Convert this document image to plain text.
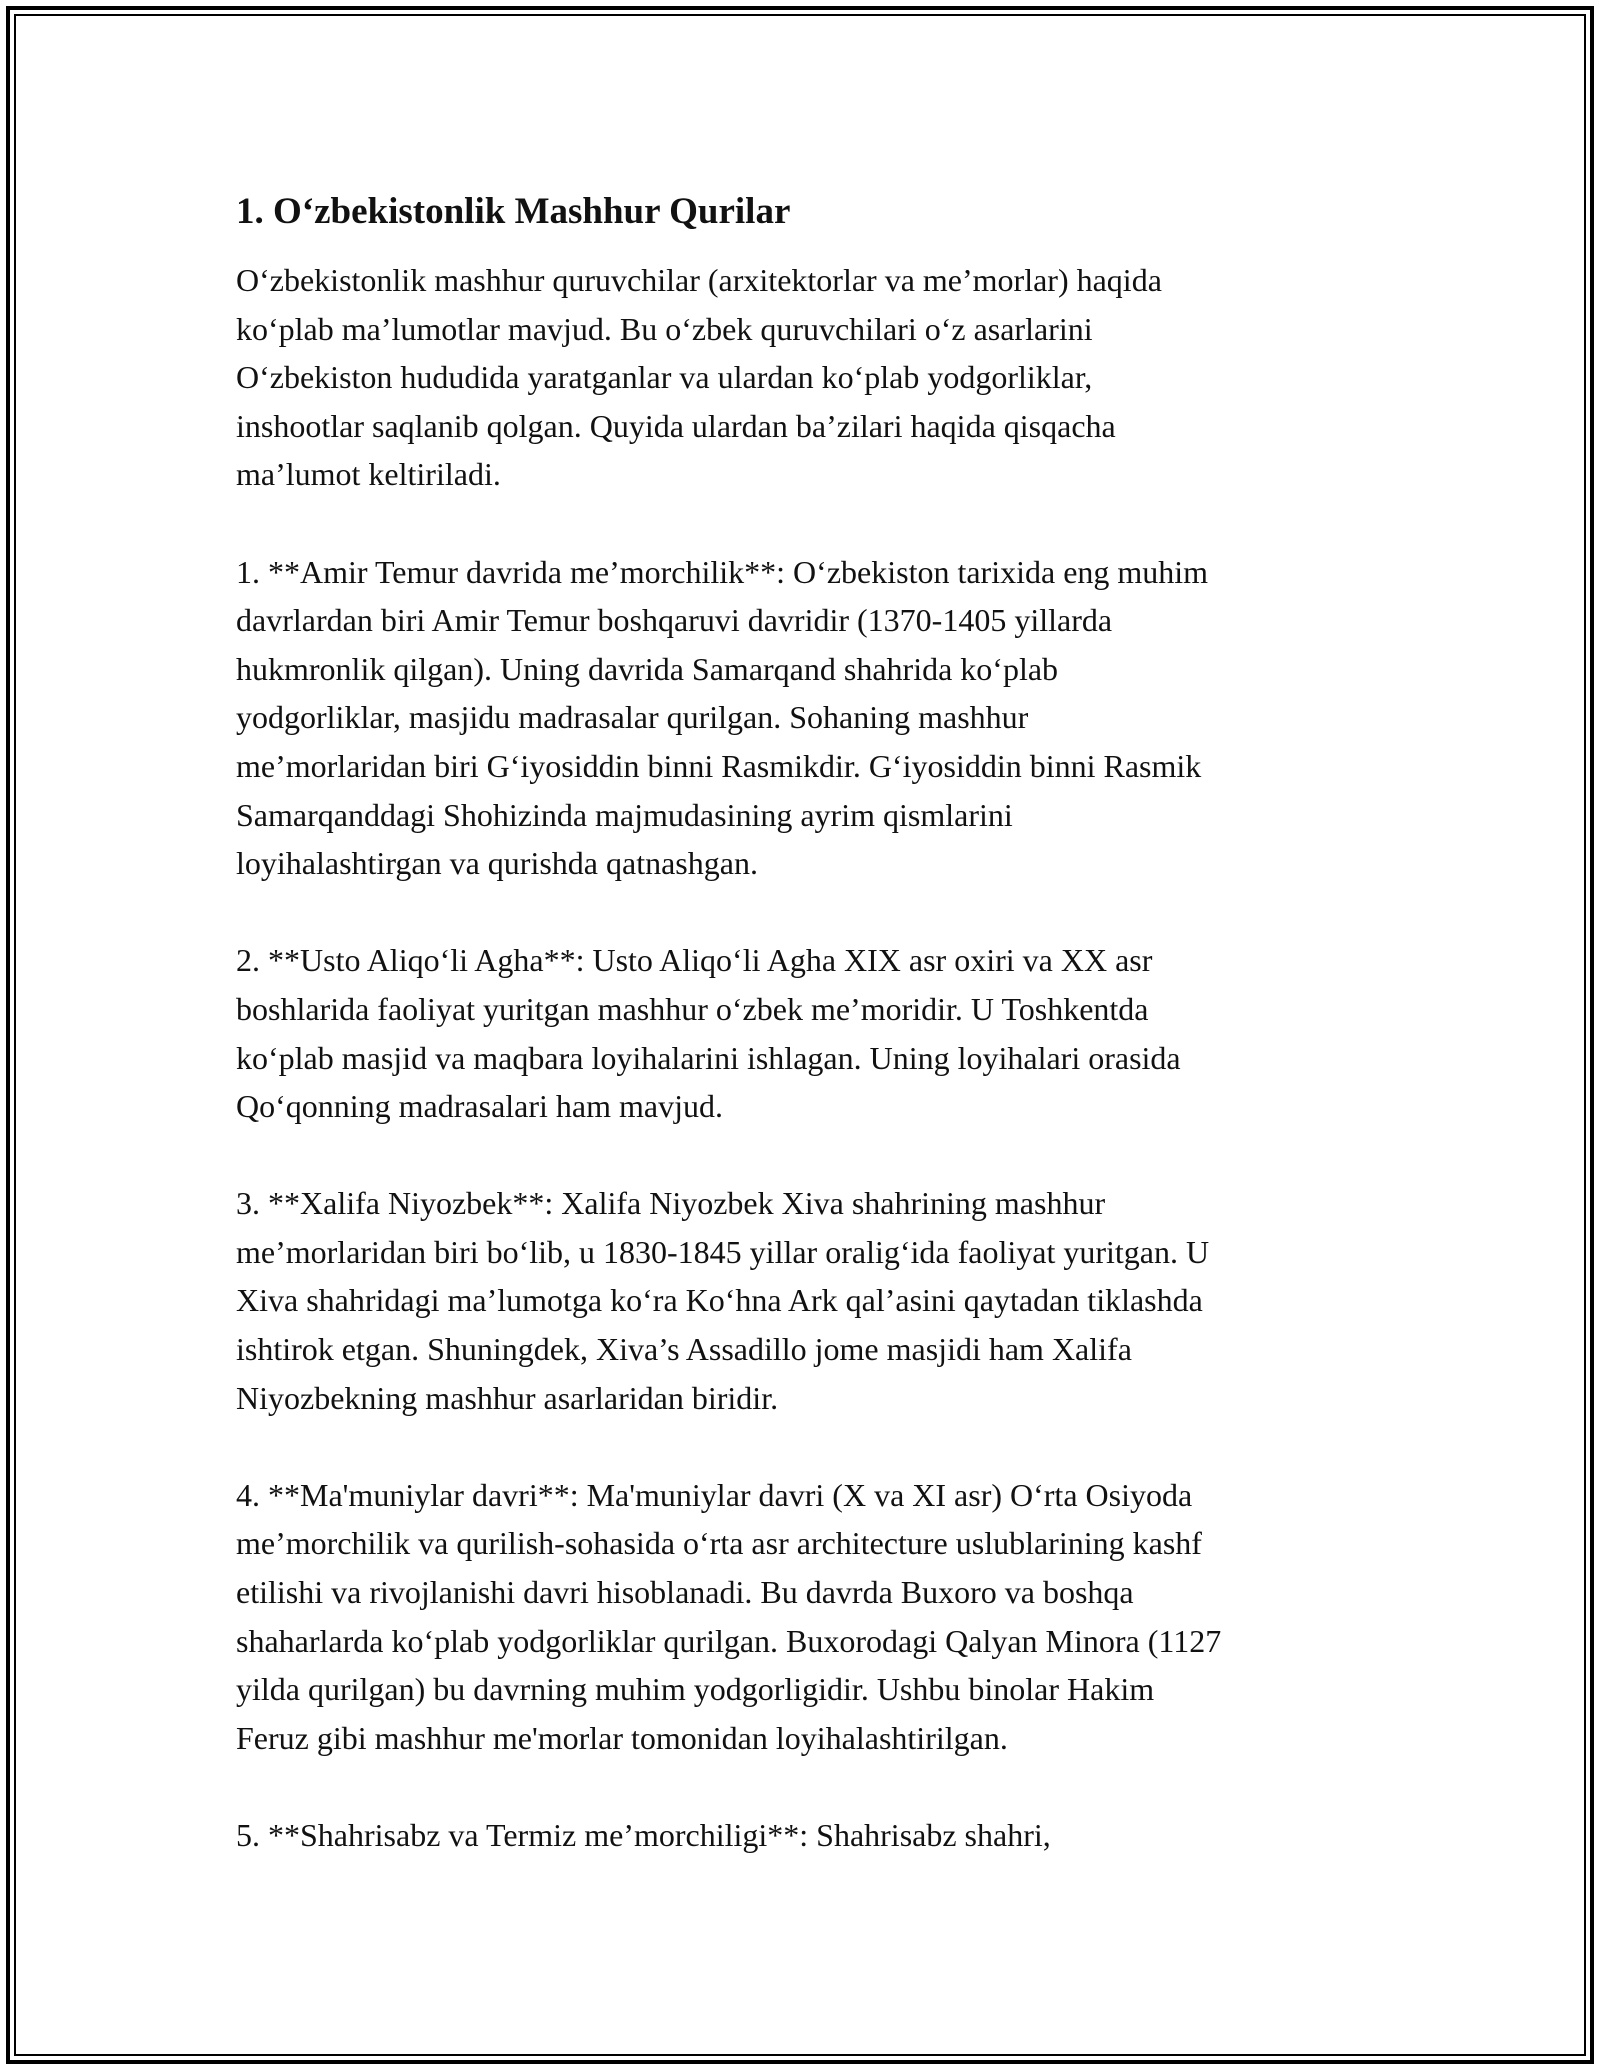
1. O‘zbekistonlik Mashhur Qurilar

O‘zbekistonlik mashhur quruvchilar (arxitektorlar va me’morlar) haqida
ko‘plab ma’lumotlar mavjud. Bu o‘zbek quruvchilari o‘z asarlarini
O‘zbekiston hududida yaratganlar va ulardan ko‘plab yodgorliklar,
inshootlar saqlanib qolgan. Quyida ulardan ba’zilari haqida qisqacha
ma’lumot keltiriladi.

1. **Amir Temur davrida me’morchilik**: O‘zbekiston tarixida eng muhim
davrlardan biri Amir Temur boshqaruvi davridir (1370-1405 yillarda
hukmronlik qilgan). Uning davrida Samarqand shahrida ko‘plab
yodgorliklar, masjidu madrasalar qurilgan. Sohaning mashhur
me’morlaridan biri G‘iyosiddin binni Rasmikdir. G‘iyosiddin binni Rasmik
Samarqanddagi Shohizinda majmudasining ayrim qismlarini
loyihalashtirgan va qurishda qatnashgan.

2. **Usto Aliqo‘li Agha**: Usto Aliqo‘li Agha XIX asr oxiri va XX asr
boshlarida faoliyat yuritgan mashhur o‘zbek me’moridir. U Toshkentda
ko‘plab masjid va maqbara loyihalarini ishlagan. Uning loyihalari orasida
Qo‘qonning madrasalari ham mavjud.

3. **Xalifa Niyozbek**: Xalifa Niyozbek Xiva shahrining mashhur
me’morlaridan biri bo‘lib, u 1830-1845 yillar oralig‘ida faoliyat yuritgan. U
Xiva shahridagi ma’lumotga ko‘ra Ko‘hna Ark qal’asini qaytadan tiklashda
ishtirok etgan. Shuningdek, Xiva’s Assadillo jome masjidi ham Xalifa
Niyozbekning mashhur asarlaridan biridir.

4. **Ma'muniylar davri**: Ma'muniylar davri (X va XI asr) O‘rta Osiyoda
me’morchilik va qurilish-sohasida o‘rta asr architecture uslublarining kashf
etilishi va rivojlanishi davri hisoblanadi. Bu davrda Buxoro va boshqa
shaharlarda ko‘plab yodgorliklar qurilgan. Buxorodagi Qalyan Minora (1127
yilda qurilgan) bu davrning muhim yodgorligidir. Ushbu binolar Hakim
Feruz gibi mashhur me'morlar tomonidan loyihalashtirilgan.

5. **Shahrisabz va Termiz me’morchiligi**: Shahrisabz shahri,
